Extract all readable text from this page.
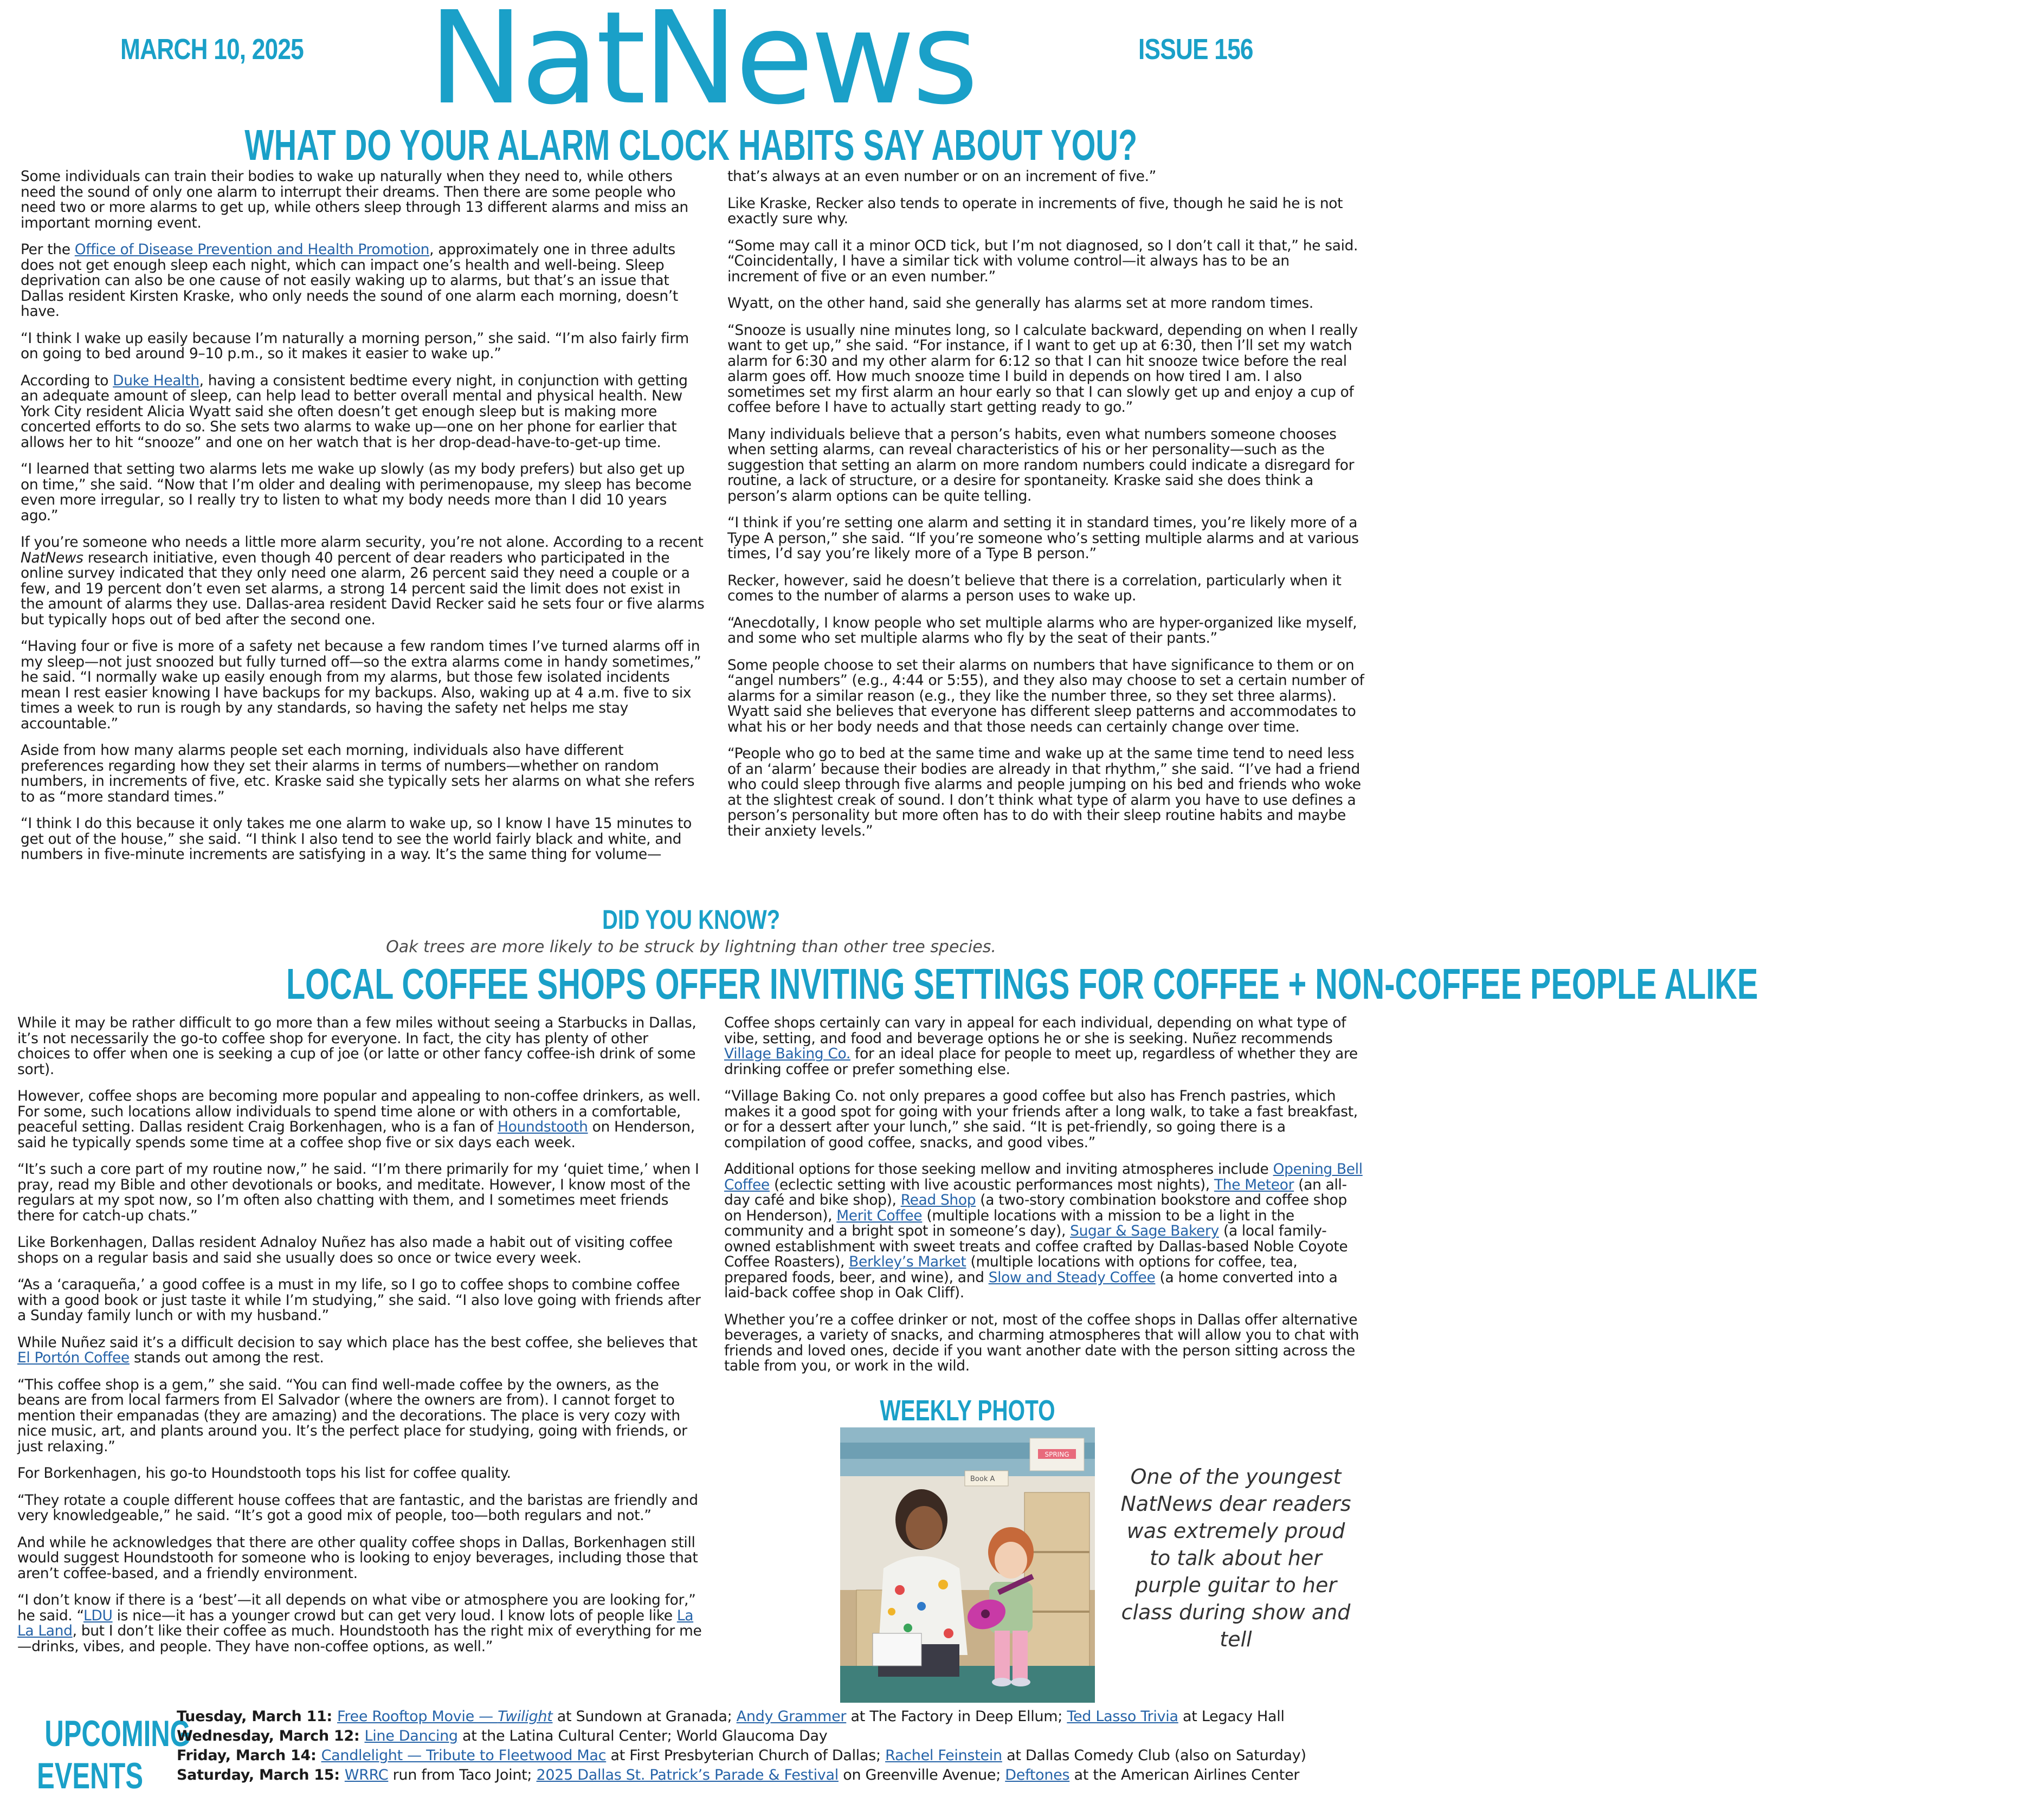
MARCH 10, 2025 NatNews	ISSUE 156
WHAT DO YOUR ALARM CLOCK HABITS SAY ABOUT YOU?

Some individuals can train their bodies to wake up naturally when they need to, while others need the sound of only one alarm to interrupt their dreams. Then there are some people who need two or more alarms to get up, while others sleep through 13 different alarms and miss an important morning event.

Per the Office of Disease Prevention and Health Promotion, approximately one in three adults does not get enough sleep each night, which can impact one’s health and well-being. Sleep deprivation can also be one cause of not easily waking up to alarms, but that’s an issue that Dallas resident Kirsten Kraske, who only needs the sound of one alarm each morning, doesn’t have.

“I think I wake up easily because I’m naturally a morning person,” she said. “I’m also fairly firm on going to bed around 9–10 p.m., so it makes it easier to wake up.”

According to Duke Health, having a consistent bedtime every night, in conjunction with getting an adequate amount of sleep, can help lead to better overall mental and physical health. New York City resident Alicia Wyatt said she often doesn’t get enough sleep but is making more concerted efforts to do so. She sets two alarms to wake up—one on her phone for earlier that allows her to hit “snooze” and one on her watch that is her drop-dead-have-to-get-up time.

“I learned that setting two alarms lets me wake up slowly (as my body prefers) but also get up on time,” she said. “Now that I’m older and dealing with perimenopause, my sleep has become even more irregular, so I really try to listen to what my body needs more than I did 10 years ago.”

If you’re someone who needs a little more alarm security, you’re not alone. According to a recent NatNews research initiative, even though 40 percent of dear readers who participated in the online survey indicated that they only need one alarm, 26 percent said they need a couple or a few, and 19 percent don’t even set alarms, a strong 14 percent said the limit does not exist in the amount of alarms they use. Dallas-area resident David Recker said he sets four or five alarms but typically hops out of bed after the second one.

“Having four or five is more of a safety net because a few random times I’ve turned alarms off in my sleep—not just snoozed but fully turned off—so the extra alarms come in handy sometimes,” he said. “I normally wake up easily enough from my alarms, but those few isolated incidents mean I rest easier knowing I have backups for my backups. Also, waking up at 4 a.m. five to six times a week to run is rough by any standards, so having the safety net helps me stay accountable.”

Aside from how many alarms people set each morning, individuals also have different preferences regarding how they set their alarms in terms of numbers—whether on random numbers, in increments of five, etc. Kraske said she typically sets her alarms on what she refers to as “more standard times.”

“I think I do this because it only takes me one alarm to wake up, so I know I have 15 minutes to get out of the house,” she said. “I think I also tend to see the world fairly black and white, and numbers in five-minute increments are satisfying in a way. It’s the same thing for volume—

that’s always at an even number or on an increment of five.”

Like Kraske, Recker also tends to operate in increments of five, though he said he is not exactly sure why.

“Some may call it a minor OCD tick, but I’m not diagnosed, so I don’t call it that,” he said. “Coincidentally, I have a similar tick with volume control—it always has to be an increment of five or an even number.”

Wyatt, on the other hand, said she generally has alarms set at more random times.

“Snooze is usually nine minutes long, so I calculate backward, depending on when I really want to get up,” she said. “For instance, if I want to get up at 6:30, then I’ll set my watch alarm for 6:30 and my other alarm for 6:12 so that I can hit snooze twice before the real alarm goes off. How much snooze time I build in depends on how tired I am. I also sometimes set my first alarm an hour early so that I can slowly get up and enjoy a cup of coffee before I have to actually start getting ready to go.”

Many individuals believe that a person’s habits, even what numbers someone chooses when setting alarms, can reveal characteristics of his or her personality—such as the suggestion that setting an alarm on more random numbers could indicate a disregard for routine, a lack of structure, or a desire for spontaneity. Kraske said she does think a person’s alarm options can be quite telling.

“I think if you’re setting one alarm and setting it in standard times, you’re likely more of a Type A person,” she said. “If you’re someone who’s setting multiple alarms and at various times, I’d say you’re likely more of a Type B person.”

Recker, however, said he doesn’t believe that there is a correlation, particularly when it comes to the number of alarms a person uses to wake up.

“Anecdotally, I know people who set multiple alarms who are hyper-organized like myself, and some who set multiple alarms who fly by the seat of their pants.”

Some people choose to set their alarms on numbers that have significance to them or on “angel numbers” (e.g., 4:44 or 5:55), and they also may choose to set a certain number of alarms for a similar reason (e.g., they like the number three, so they set three alarms). Wyatt said she believes that everyone has different sleep patterns and accommodates to what his or her body needs and that those needs can certainly change over time.

“People who go to bed at the same time and wake up at the same time tend to need less of an ‘alarm’ because their bodies are already in that rhythm,” she said. “I’ve had a friend who could sleep through five alarms and people jumping on his bed and friends who woke at the slightest creak of sound. I don’t think what type of alarm you have to use defines a person’s personality but more often has to do with their sleep routine habits and maybe their anxiety levels.”

DID YOU KNOW?
Oak trees are more likely to be struck by lightning than other tree species.
LOCAL COFFEE SHOPS OFFER INVITING SETTINGS FOR COFFEE + NON-COFFEE PEOPLE ALIKE

While it may be rather difficult to go more than a few miles without seeing a Starbucks in Dallas, it’s not necessarily the go-to coffee shop for everyone. In fact, the city has plenty of other choices to offer when one is seeking a cup of joe (or latte or other fancy coffee-ish drink of some sort).

However, coffee shops are becoming more popular and appealing to non-coffee drinkers, as well. For some, such locations allow individuals to spend time alone or with others in a comfortable, peaceful setting. Dallas resident Craig Borkenhagen, who is a fan of Houndstooth on Henderson, said he typically spends some time at a coffee shop five or six days each week.

“It’s such a core part of my routine now,” he said. “I’m there primarily for my ‘quiet time,’ when I pray, read my Bible and other devotionals or books, and meditate. However, I know most of the regulars at my spot now, so I’m often also chatting with them, and I sometimes meet friends there for catch-up chats.”

Like Borkenhagen, Dallas resident Adnaloy Nuñez has also made a habit out of visiting coffee shops on a regular basis and said she usually does so once or twice every week.

“As a ‘caraqueña,’ a good coffee is a must in my life, so I go to coffee shops to combine coffee with a good book or just taste it while I’m studying,” she said. “I also love going with friends after a Sunday family lunch or with my husband.”

While Nuñez said it’s a difficult decision to say which place has the best coffee, she believes that El Portón Coffee stands out among the rest.

“This coffee shop is a gem,” she said. “You can find well-made coffee by the owners, as the beans are from local farmers from El Salvador (where the owners are from). I cannot forget to mention their empanadas (they are amazing) and the decorations. The place is very cozy with nice music, art, and plants around you. It’s the perfect place for studying, going with friends, or just relaxing.”

For Borkenhagen, his go-to Houndstooth tops his list for coffee quality.

“They rotate a couple different house coffees that are fantastic, and the baristas are friendly and very knowledgeable,” he said. “It’s got a good mix of people, too—both regulars and not.”

And while he acknowledges that there are other quality coffee shops in Dallas, Borkenhagen still would suggest Houndstooth for someone who is looking to enjoy beverages, including those that aren’t coffee-based, and a friendly environment.

“I don’t know if there is a ‘best’—it all depends on what vibe or atmosphere you are looking for,” he said. “LDU is nice—it has a younger crowd but can get very loud. I know lots of people like La La Land, but I don’t like their coffee as much. Houndstooth has the right mix of everything for me—drinks, vibes, and people. They have non-coffee options, as well.”

Coffee shops certainly can vary in appeal for each individual, depending on what type of vibe, setting, and food and beverage options he or she is seeking. Nuñez recommends Village Baking Co. for an ideal place for people to meet up, regardless of whether they are drinking coffee or prefer something else.

“Village Baking Co. not only prepares a good coffee but also has French pastries, which makes it a good spot for going with your friends after a long walk, to take a fast breakfast, or for a dessert after your lunch,” she said. “It is pet-friendly, so going there is a compilation of good coffee, snacks, and good vibes.”

Additional options for those seeking mellow and inviting atmospheres include Opening Bell Coffee (eclectic setting with live acoustic performances most nights), The Meteor (an all-day café and bike shop), Read Shop (a two-story combination bookstore and coffee shop on Henderson), Merit Coffee (multiple locations with a mission to be a light in the community and a bright spot in someone’s day), Sugar & Sage Bakery (a local family-owned establishment with sweet treats and coffee crafted by Dallas-based Noble Coyote Coffee Roasters), Berkley’s Market (multiple locations with options for coffee, tea, prepared foods, beer, and wine), and Slow and Steady Coffee (a home converted into a laid-back coffee shop in Oak Cliff).

Whether you’re a coffee drinker or not, most of the coffee shops in Dallas offer alternative beverages, a variety of snacks, and charming atmospheres that will allow you to chat with friends and loved ones, decide if you want another date with the person sitting across the table from you, or work in the wild.

WEEKLY PHOTO
SPRING
Book A	One of the youngest NatNews dear readers was extremely proud to talk about her purple guitar to her class during show and tell
UPCOMING
EVENTS
Tuesday, March 11: Free Rooftop Movie — Twilight at Sundown at Granada; Andy Grammer at The Factory in Deep Ellum; Ted Lasso Trivia at Legacy Hall
Wednesday, March 12: Line Dancing at the Latina Cultural Center; World Glaucoma Day
Friday, March 14: Candlelight — Tribute to Fleetwood Mac at First Presbyterian Church of Dallas; Rachel Feinstein at Dallas Comedy Club (also on Saturday)
Saturday, March 15: WRRC run from Taco Joint; 2025 Dallas St. Patrick’s Parade & Festival on Greenville Avenue; Deftones at the American Airlines Center
